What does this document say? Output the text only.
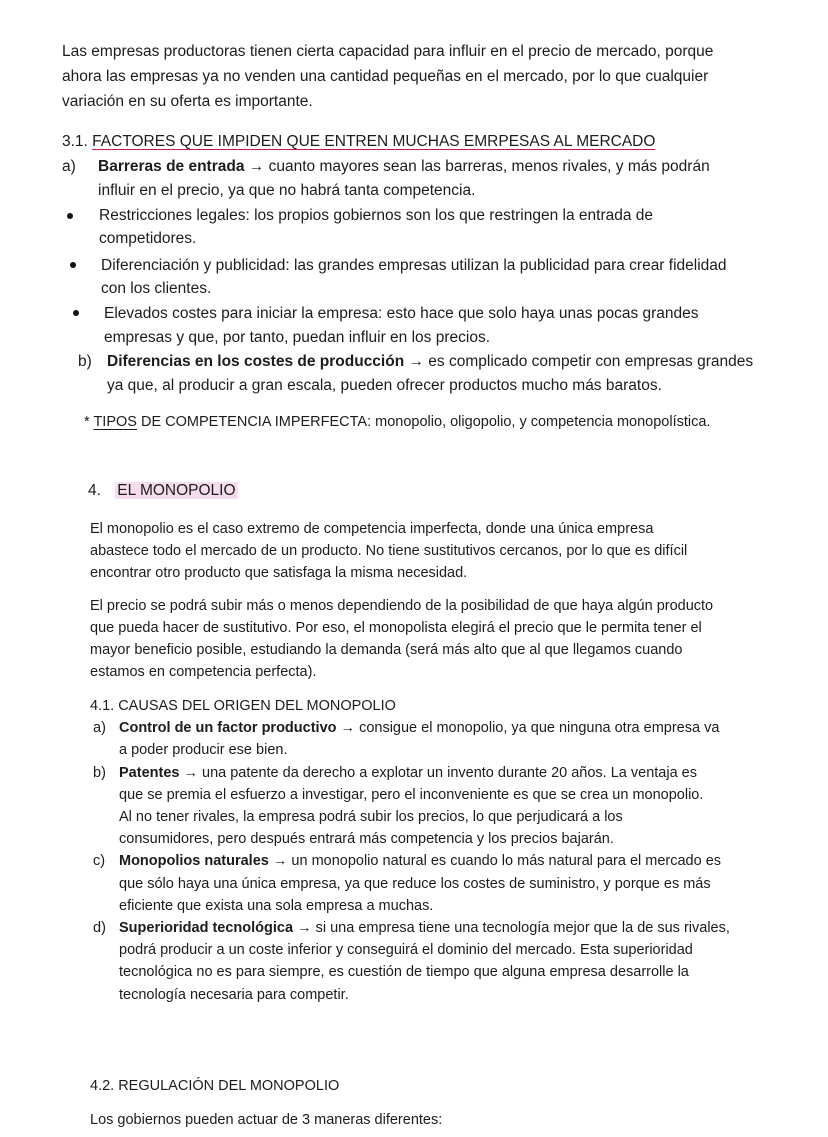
Las empresas productoras tienen cierta capacidad para influir en el precio de mercado, porque
ahora las empresas ya no venden una cantidad pequeñas en el mercado, por lo que cualquier
variación en su oferta es importante.
3.1. FACTORES QUE IMPIDEN QUE ENTREN MUCHAS EMRPESAS AL MERCADO
a) Barreras de entrada → cuanto mayores sean las barreras, menos rivales, y más podrán
influir en el precio, ya que no habrá tanta competencia.
Restricciones legales: los propios gobiernos son los que restringen la entrada de
competidores.
Diferenciación y publicidad: las grandes empresas utilizan la publicidad para crear fidelidad
con los clientes.
Elevados costes para iniciar la empresa: esto hace que solo haya unas pocas grandes
empresas y que, por tanto, puedan influir en los precios.
b) Diferencias en los costes de producción → es complicado competir con empresas grandes
ya que, al producir a gran escala, pueden ofrecer productos mucho más baratos.
* TIPOS DE COMPETENCIA IMPERFECTA: monopolio, oligopolio, y competencia monopolística.
4. EL MONOPOLIO
El monopolio es el caso extremo de competencia imperfecta, donde una única empresa
abastece todo el mercado de un producto. No tiene sustitutivos cercanos, por lo que es difícil
encontrar otro producto que satisfaga la misma necesidad.
El precio se podrá subir más o menos dependiendo de la posibilidad de que haya algún producto
que pueda hacer de sustitutivo. Por eso, el monopolista elegirá el precio que le permita tener el
mayor beneficio posible, estudiando la demanda (será más alto que al que llegamos cuando
estamos en competencia perfecta).
4.1. CAUSAS DEL ORIGEN DEL MONOPOLIO
a) Control de un factor productivo → consigue el monopolio, ya que ninguna otra empresa va
a poder producir ese bien.
b) Patentes → una patente da derecho a explotar un invento durante 20 años. La ventaja es
que se premia el esfuerzo a investigar, pero el inconveniente es que se crea un monopolio.
Al no tener rivales, la empresa podrá subir los precios, lo que perjudicará a los
consumidores, pero después entrará más competencia y los precios bajarán.
c) Monopolios naturales → un monopolio natural es cuando lo más natural para el mercado es
que sólo haya una única empresa, ya que reduce los costes de suministro, y porque es más
eficiente que exista una sola empresa a muchas.
d) Superioridad tecnológica → si una empresa tiene una tecnología mejor que la de sus rivales,
podrá producir a un coste inferior y conseguirá el dominio del mercado. Esta superioridad
tecnológica no es para siempre, es cuestión de tiempo que alguna empresa desarrolle la
tecnología necesaria para competir.
4.2. REGULACIÓN DEL MONOPOLIO
Los gobiernos pueden actuar de 3 maneras diferentes:
